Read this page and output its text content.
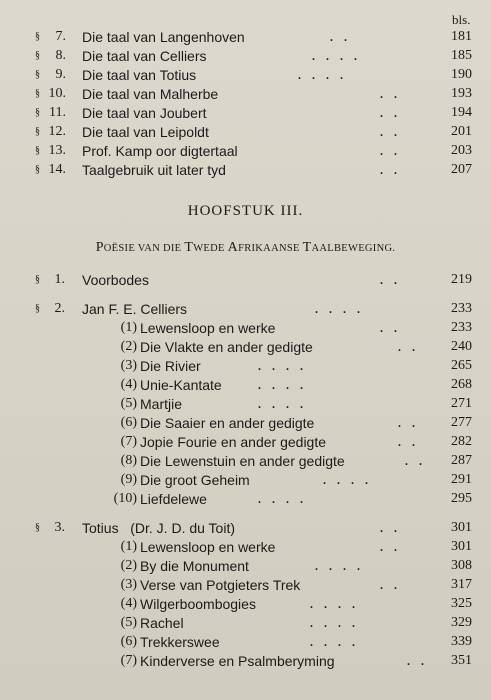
bls.
§	7. Die taal van Langenhoven	. .	181
§	8. Die taal van Celliers	. . . .	185
§	9. Die taal van Totius	. . . .	190
§ 10. Die taal van Malherbe	. .	193
§ 11. Die taal van Joubert	. .	194
§ 12. Die taal van Leipoldt	. .	201
§ 13. Prof. Kamp oor digtertaal	. .	203
§ 14. Taalgebruik uit later tyd	. .	207
HOOFSTUK III.
POËSIE VAN DIE TWEDE AFRIKAANSE TAALBEWEGING.
§	1. Voorbodes	. .	219
§	2. Jan F. E. Celliers	. . . .	233
(1) Lewensloop en werke	. .	233
(2) Die Vlakte en ander gedigte	. .	240
(3) Die Rivier	. . . .	265
(4) Unie-Kantate	. . . .	268
(5) Martjie	. . . .	271
(6) Die Saaier en ander gedigte	. .	277
(7) Jopie Fourie en ander gedigte	. .	282
(8) Die Lewenstuin en ander gedigte	. .	287
(9) Die groot Geheim	. . . .	291
(10) Liefdelewe	. . . .	295
§	3. Totius   (Dr. J. D. du Toit)	. .	301
(1) Lewensloop en werke	. .	301
(2) By die Monument	. . . .	308
(3) Verse van Potgieters Trek	. .	317
(4) Wilgerboombogies	. . . .	325
(5) Rachel	. . . .	329
(6) Trekkerswee	. . . .	339
(7) Kinderverse en Psalmberyming	. .	351
